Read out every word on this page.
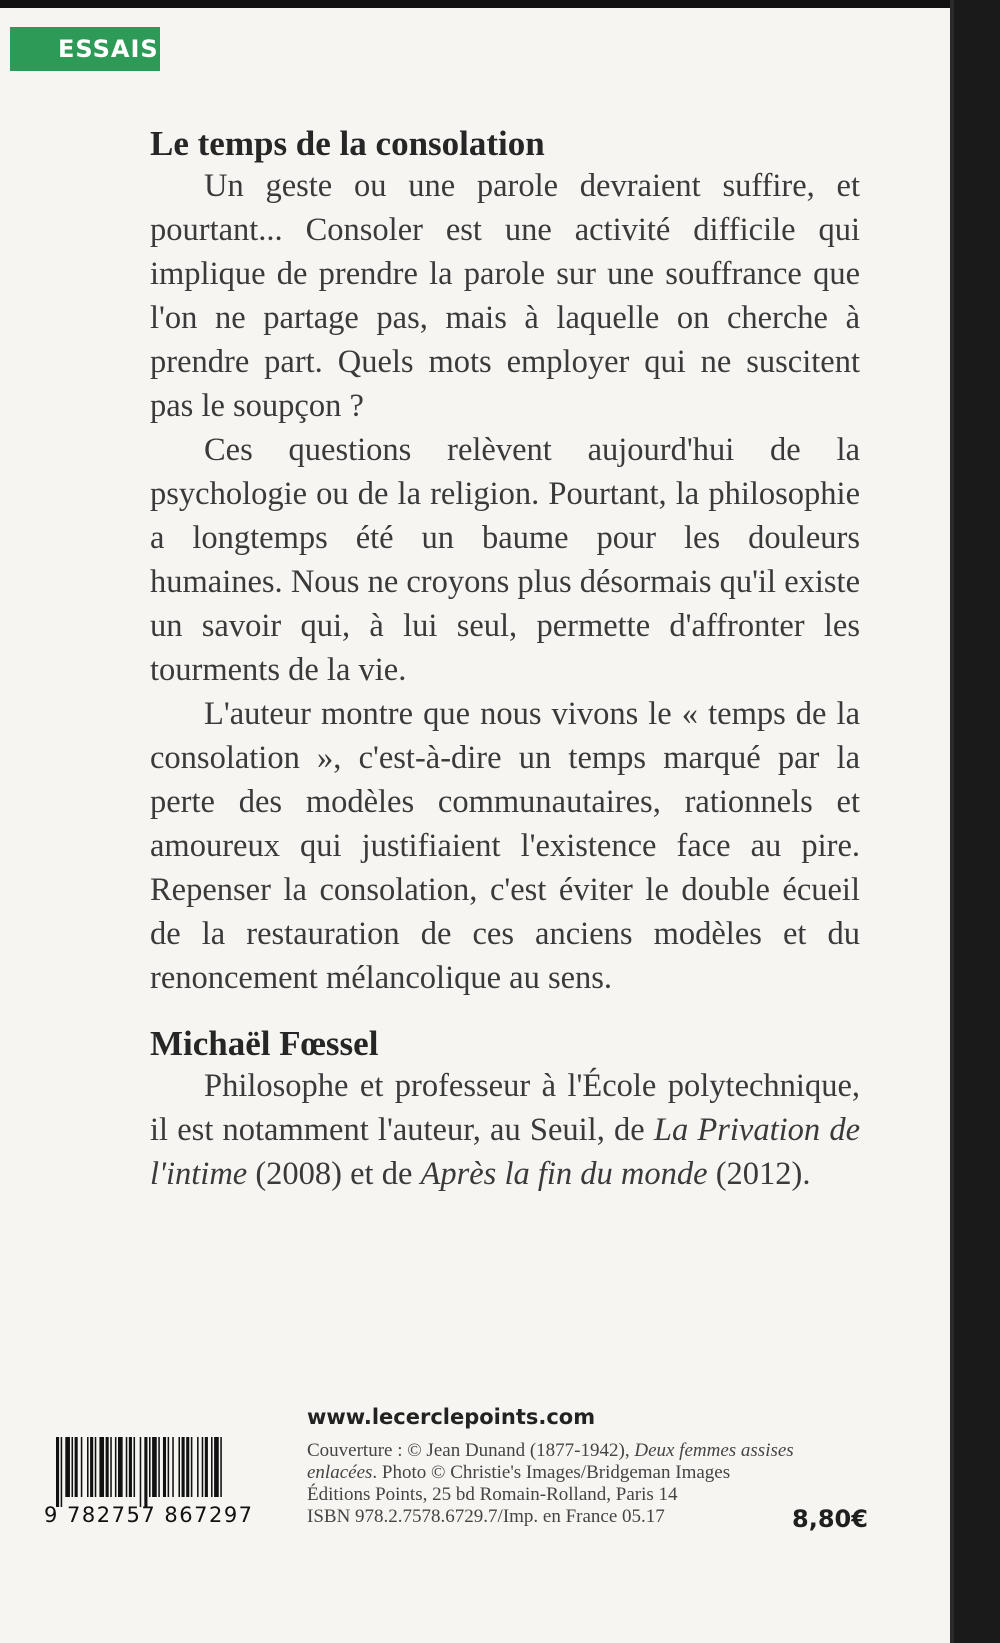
ESSAIS
Le temps de la consolation

Un geste ou une parole devraient suffire, et pourtant... Consoler est une activité difficile qui implique de prendre la parole sur une souffrance que l'on ne partage pas, mais à laquelle on cherche à prendre part. Quels mots employer qui ne suscitent pas le soupçon ?

Ces questions relèvent aujourd'hui de la psychologie ou de la religion. Pourtant, la philosophie a longtemps été un baume pour les douleurs humaines. Nous ne croyons plus désormais qu'il existe un savoir qui, à lui seul, permette d'affronter les tourments de la vie.

L'auteur montre que nous vivons le « temps de la consolation », c'est-à-dire un temps marqué par la perte des modèles communautaires, rationnels et amoureux qui justifiaient l'existence face au pire. Repenser la consolation, c'est éviter le double écueil de la restauration de ces anciens modèles et du renoncement mélancolique au sens.

Michaël Fœssel

Philosophe et professeur à l'École polytechnique, il est notamment l'auteur, au Seuil, de La Privation de l'intime (2008) et de Après la fin du monde (2012).

www.lecerclepoints.com
Couverture : © Jean Dunand (1877-1942), Deux femmes assises enlacées. Photo © Christie's Images/Bridgeman Images
Éditions Points, 25 bd Romain-Rolland, Paris 14
ISBN 978.2.7578.6729.7/Imp. en France 05.17	8,80€
9 782757 867297
